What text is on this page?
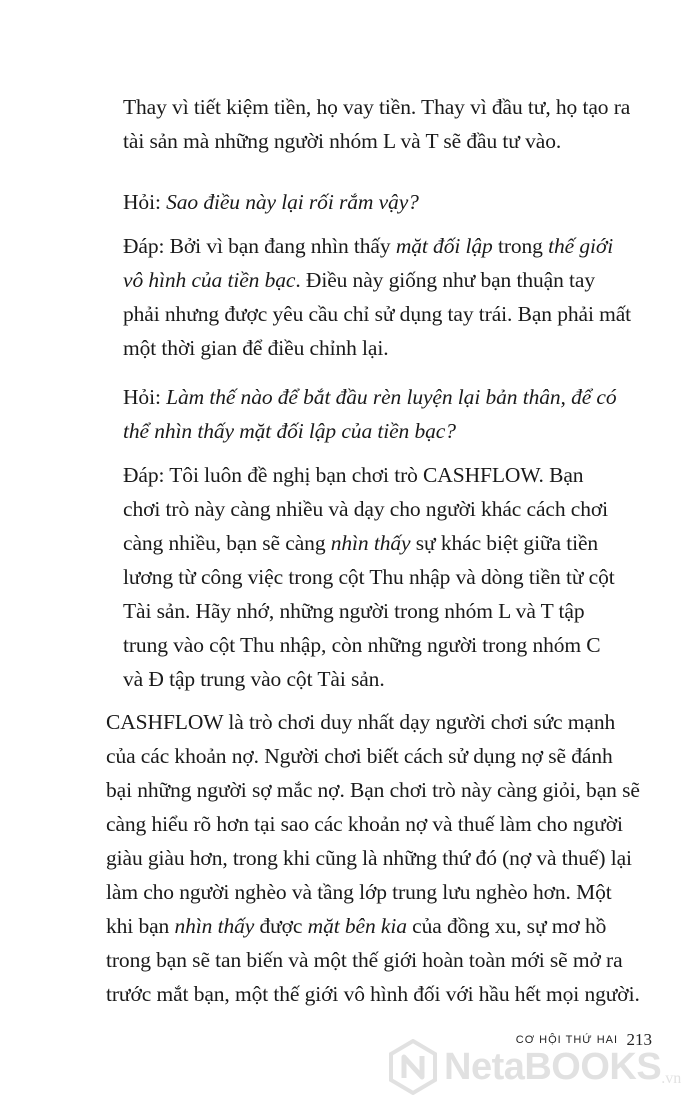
Thay vì tiết kiệm tiền, họ vay tiền. Thay vì đầu tư, họ tạo ra
tài sản mà những người nhóm L và T sẽ đầu tư vào.
Hỏi: Sao điều này lại rối rắm vậy?
Đáp: Bởi vì bạn đang nhìn thấy mặt đối lập trong thế giới
vô hình của tiền bạc. Điều này giống như bạn thuận tay
phải nhưng được yêu cầu chỉ sử dụng tay trái. Bạn phải mất
một thời gian để điều chỉnh lại.
Hỏi: Làm thế nào để bắt đầu rèn luyện lại bản thân, để có
thể nhìn thấy mặt đối lập của tiền bạc?
Đáp: Tôi luôn đề nghị bạn chơi trò CASHFLOW. Bạn
chơi trò này càng nhiều và dạy cho người khác cách chơi
càng nhiều, bạn sẽ càng nhìn thấy sự khác biệt giữa tiền
lương từ công việc trong cột Thu nhập và dòng tiền từ cột
Tài sản. Hãy nhớ, những người trong nhóm L và T tập
trung vào cột Thu nhập, còn những người trong nhóm C
và Đ tập trung vào cột Tài sản.
CASHFLOW là trò chơi duy nhất dạy người chơi sức mạnh
của các khoản nợ. Người chơi biết cách sử dụng nợ sẽ đánh
bại những người sợ mắc nợ. Bạn chơi trò này càng giỏi, bạn sẽ
càng hiểu rõ hơn tại sao các khoản nợ và thuế làm cho người
giàu giàu hơn, trong khi cũng là những thứ đó (nợ và thuế) lại
làm cho người nghèo và tầng lớp trung lưu nghèo hơn. Một
khi bạn nhìn thấy được mặt bên kia của đồng xu, sự mơ hồ
trong bạn sẽ tan biến và một thế giới hoàn toàn mới sẽ mở ra
trước mắt bạn, một thế giới vô hình đối với hầu hết mọi người.
CƠ HỘI THỨ HAI 213
NetaBOOKS .vn
